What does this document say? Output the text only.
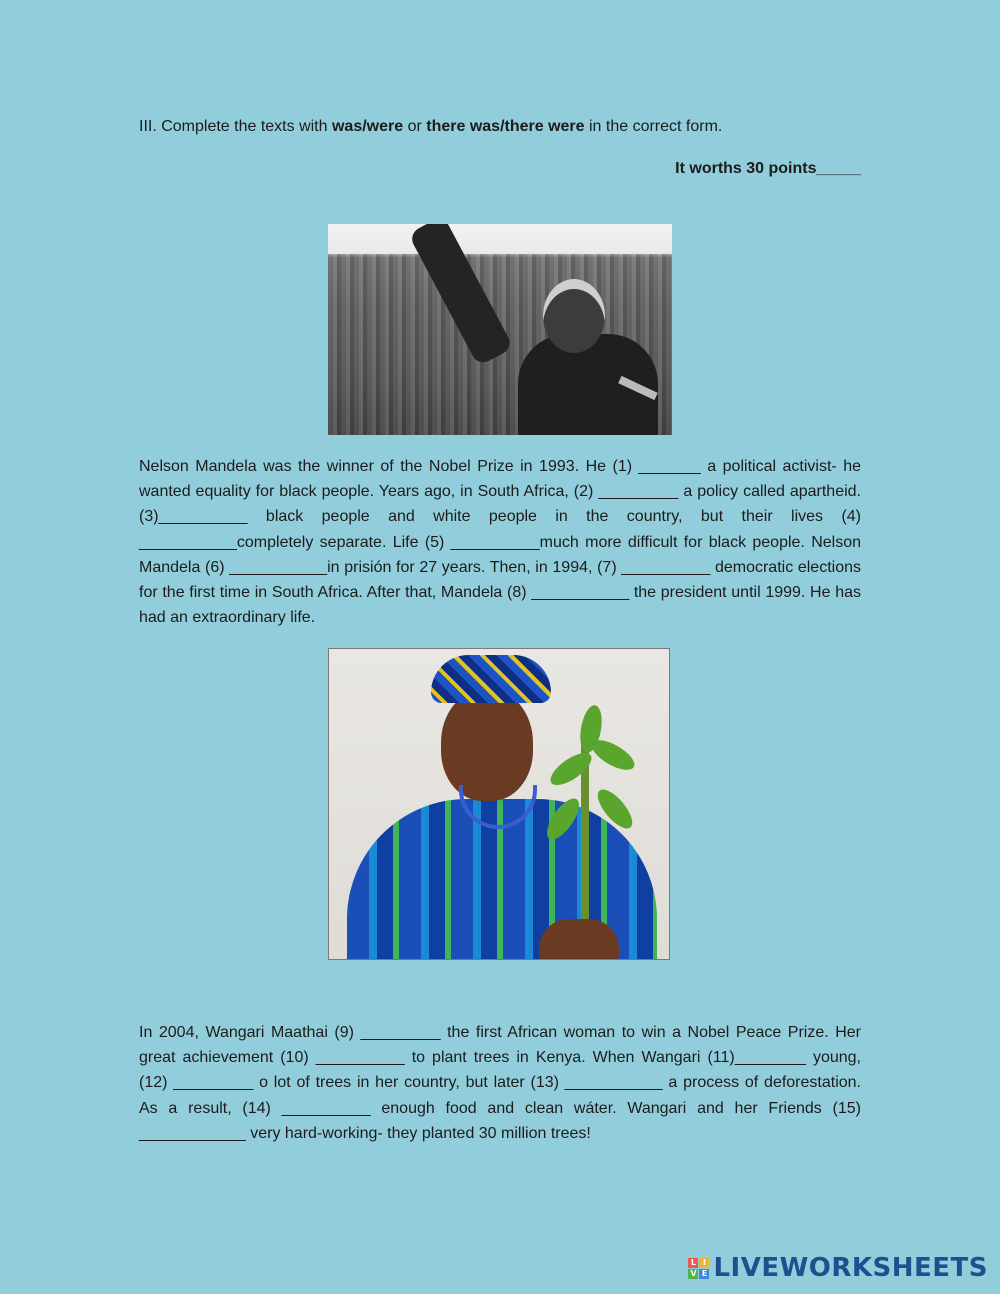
III. Complete the texts with was/were or there was/there were in the correct form.
It worths 30 points_____
Nelson Mandela was the winner of the Nobel Prize in 1993. He (1) _______ a political activist- he wanted equality for black people. Years ago, in South Africa, (2) _________ a policy called apartheid. (3)__________ black people and white people in the country, but their lives (4) ___________completely separate. Life (5) __________much more difficult for black people. Nelson Mandela (6) ___________in prisión for 27 years. Then, in 1994, (7) __________ democratic elections for the first time in South Africa. After that, Mandela (8) ___________ the president until 1999. He has had an extraordinary life.
In 2004, Wangari Maathai (9) _________ the first African woman to win a Nobel Peace Prize. Her great achievement (10) __________ to plant trees in Kenya. When Wangari (11)________ young, (12) _________ o lot of trees in her country, but later (13) ___________ a process of deforestation. As a result, (14) __________ enough food and clean wáter. Wangari and her Friends (15) ____________ very hard-working- they planted 30 million trees!
L I
V E LIVEWORKSHEETS
